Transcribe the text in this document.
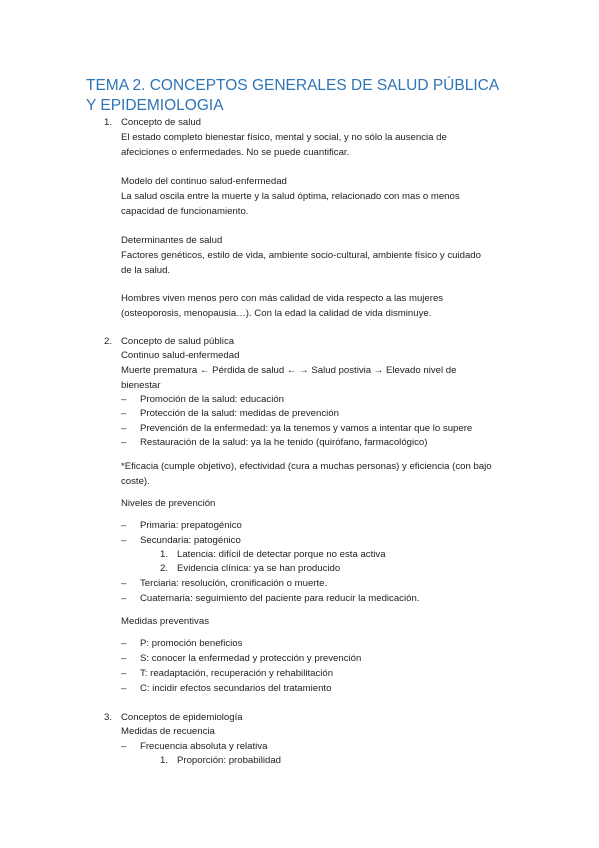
TEMA 2. CONCEPTOS GENERALES DE SALUD PÚBLICA Y EPIDEMIOLOGIA
1. Concepto de salud
El estado completo bienestar físico, mental y social, y no sólo la ausencia de
afeciciones o enfermedades. No se puede cuantificar.
Modelo del continuo salud-enfermedad
La salud oscila entre la muerte y la salud óptima, relacionado con mas o menos
capacidad de funcionamiento.
Determinantes de salud
Factores genéticos, estilo de vida, ambiente socio-cultural, ambiente físico y cuidado
de la salud.
Hombres viven menos pero con más calidad de vida respecto a las mujeres
(osteoporosis, menopausia…). Con la edad la calidad de vida disminuye.
2. Concepto de salud pública
Continuo salud-enfermedad
Muerte prematura ← Pérdida de salud ← → Salud postivia → Elevado nivel de
bienestar
–	Promoción de la salud: educación
–	Protección de la salud: medidas de prevención
–	Prevención de la enfermedad: ya la tenemos y vamos a intentar que lo supere
–	Restauración de la salud: ya la he tenido (quirófano, farmacológico)
*Eficacia (cumple objetivo), efectividad (cura a muchas personas) y eficiencia (con bajo
coste).
Niveles de prevención
–	Primaria: prepatogénico
–	Secundaria: patogénico
1. Latencia: difícil de detectar porque no esta activa
2. Evidencia clínica: ya se han producido
–	Terciaria: resolución, cronificación o muerte.
–	Cuaternaria: seguimiento del paciente para reducir la medicación.
Medidas preventivas
–	P: promoción beneficios
–	S: conocer la enfermedad y protección y prevención
–	T: readaptación, recuperación y rehabilitación
–	C: incidir efectos secundarios del tratamiento
3. Conceptos de epidemiología
Medidas de recuencia
–	Frecuencia absoluta y relativa
1. Proporción: probabilidad
